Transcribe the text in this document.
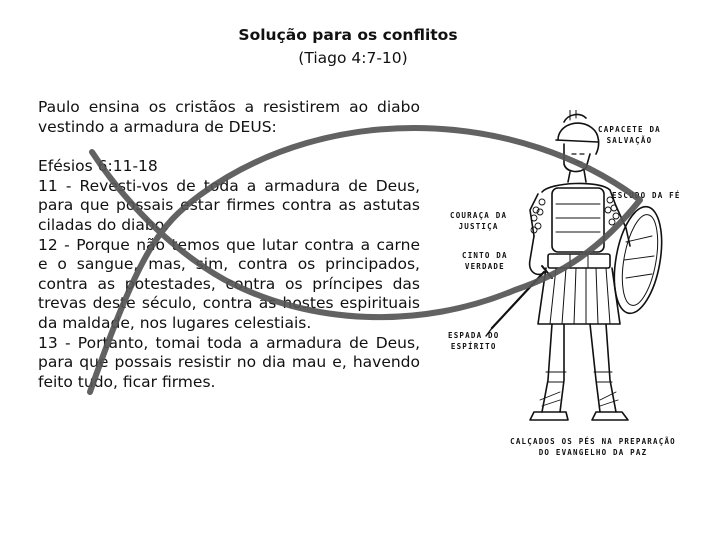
Solução para os conflitos
(Tiago 4:7-10)

Paulo ensina os cristãos a resistirem ao diabo vestindo a armadura de DEUS:

Efésios 6:11-18

11 - Revesti-vos de toda a armadura de Deus, para que possais estar firmes contra as astutas ciladas do diabo.

12 - Porque não temos que lutar contra a carne e o sangue, mas, sim, contra os principados, contra as potestades, contra os príncipes das trevas deste século, contra as hostes espirituais da maldade, nos lugares celestiais.

13 - Portanto, tomai toda a armadura de Deus, para que possais resistir no dia mau e, havendo feito tudo, ficar firmes.

CAPACETE DA
SALVAÇÃO
ESCUDO DA FÉ
COURAÇA DA
JUSTIÇA
CINTO DA
VERDADE
ESPADA DO
ESPÍRITO
CALÇADOS OS PÉS NA PREPARAÇÃO
DO EVANGELHO DA PAZ
